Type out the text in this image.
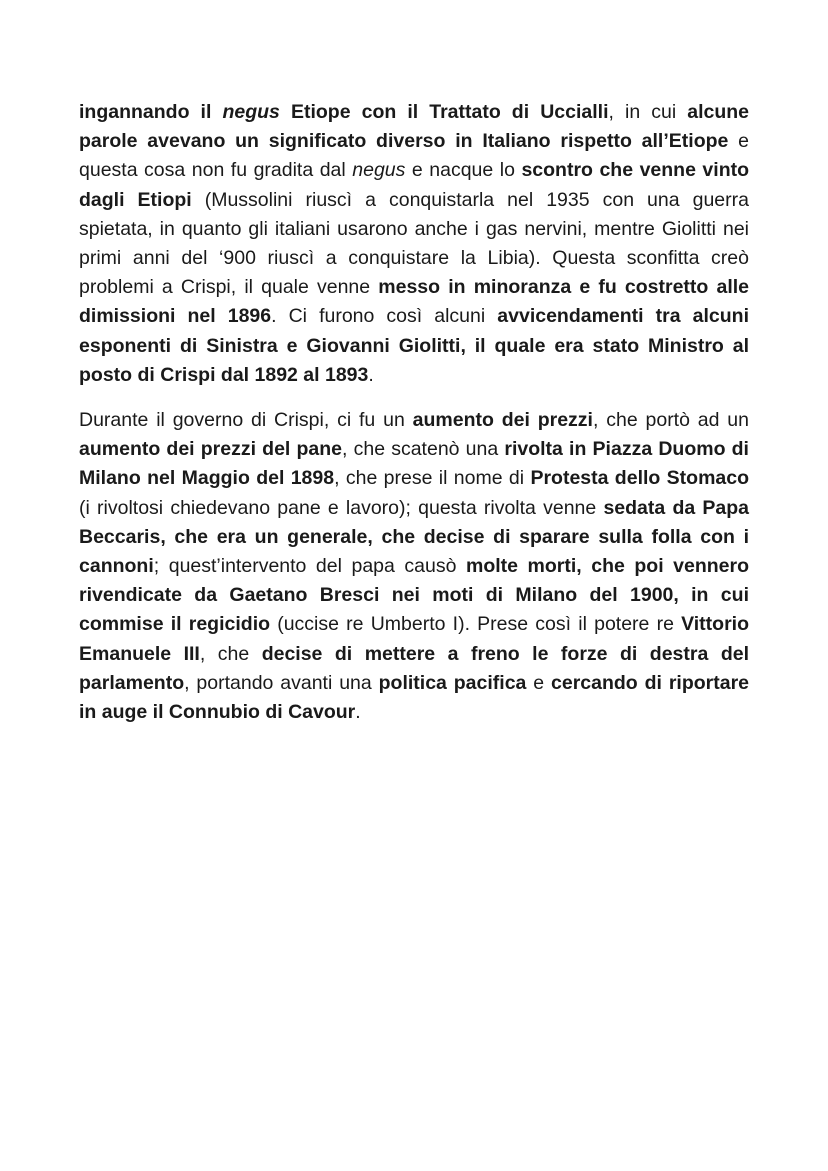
ingannando il negus Etiope con il Trattato di Uccialli, in cui alcune parole avevano un significato diverso in Italiano rispetto all’Etiope e questa cosa non fu gradita dal negus e nacque lo scontro che venne vinto dagli Etiopi (Mussolini riuscì a conquistarla nel 1935 con una guerra spietata, in quanto gli italiani usarono anche i gas nervini, mentre Giolitti nei primi anni del ‘900 riuscì a conquistare la Libia). Questa sconfitta creò problemi a Crispi, il quale venne messo in minoranza e fu costretto alle dimissioni nel 1896. Ci furono così alcuni avvicendamenti tra alcuni esponenti di Sinistra e Giovanni Giolitti, il quale era stato Ministro al posto di Crispi dal 1892 al 1893.

Durante il governo di Crispi, ci fu un aumento dei prezzi, che portò ad un aumento dei prezzi del pane, che scatenò una rivolta in Piazza Duomo di Milano nel Maggio del 1898, che prese il nome di Protesta dello Stomaco (i rivoltosi chiedevano pane e lavoro); questa rivolta venne sedata da Papa Beccaris, che era un generale, che decise di sparare sulla folla con i cannoni; quest’intervento del papa causò molte morti, che poi vennero rivendicate da Gaetano Bresci nei moti di Milano del 1900, in cui commise il regicidio (uccise re Umberto I). Prese così il potere re Vittorio Emanuele III, che decise di mettere a freno le forze di destra del parlamento, portando avanti una politica pacifica e cercando di riportare in auge il Connubio di Cavour.
